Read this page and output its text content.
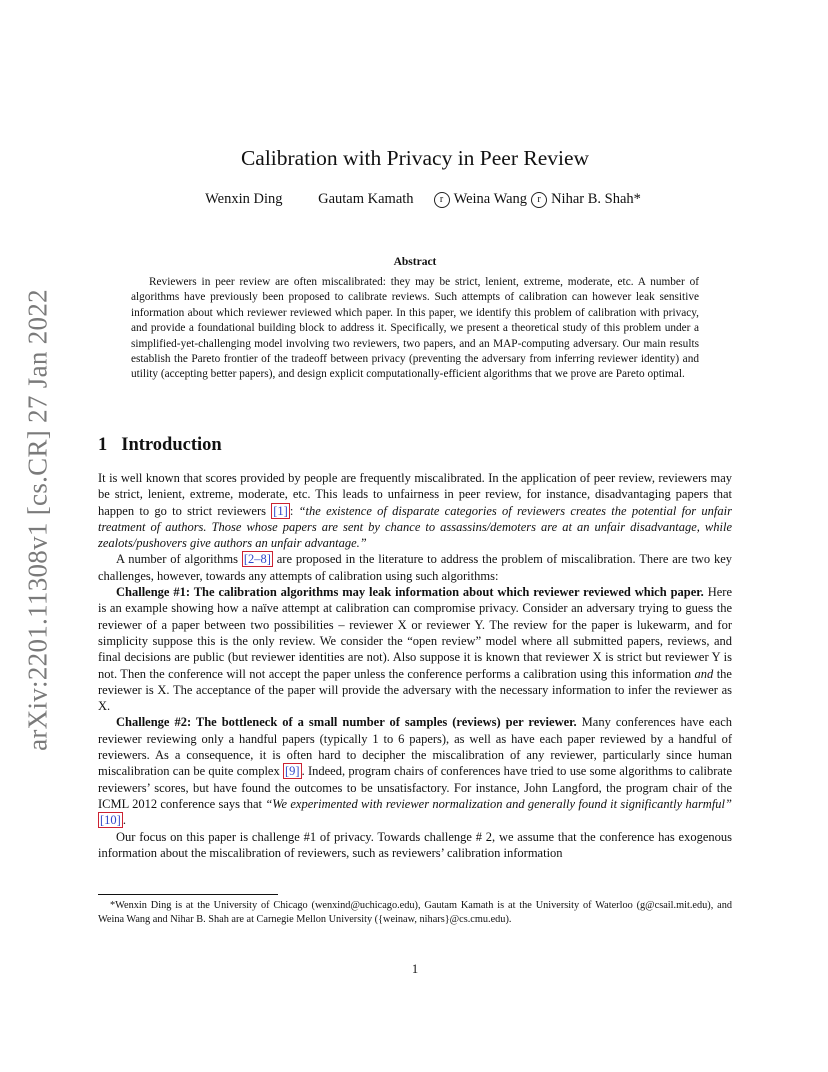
arXiv:2201.11308v1 [cs.CR] 27 Jan 2022
Calibration with Privacy in Peer Review
Wenxin Ding Gautam Kamath	r Weina Wang r Nihar B. Shah*
Abstract

Reviewers in peer review are often miscalibrated: they may be strict, lenient, extreme, moderate, etc. A number of algorithms have previously been proposed to calibrate reviews. Such attempts of calibration can however leak sensitive information about which reviewer reviewed which paper. In this paper, we identify this problem of calibration with privacy, and provide a foundational building block to address it. Specifically, we present a theoretical study of this problem under a simplified-yet-challenging model involving two reviewers, two papers, and an MAP-computing adversary. Our main results establish the Pareto frontier of the tradeoff between privacy (preventing the adversary from inferring reviewer identity) and utility (accepting better papers), and design explicit computationally-efficient algorithms that we prove are Pareto optimal.

1 Introduction

It is well known that scores provided by people are frequently miscalibrated. In the application of peer review, reviewers may be strict, lenient, extreme, moderate, etc. This leads to unfairness in peer review, for instance, disadvantaging papers that happen to go to strict reviewers [1] : “the existence of disparate categories of reviewers creates the potential for unfair treatment of authors. Those whose papers are sent by chance to assassins/demoters are at an unfair disadvantage, while zealots/pushovers give authors an unfair advantage.”

A number of algorithms [2–8] are proposed in the literature to address the problem of miscalibration. There are two key challenges, however, towards any attempts of calibration using such algorithms:

Challenge #1: The calibration algorithms may leak information about which reviewer reviewed which paper. Here is an example showing how a naïve attempt at calibration can compromise privacy. Consider an adversary trying to guess the reviewer of a paper between two possibilities – reviewer X or reviewer Y. The review for the paper is lukewarm, and for simplicity suppose this is the only review. We consider the “open review” model where all submitted papers, reviews, and final decisions are public (but reviewer identities are not). Also suppose it is known that reviewer X is strict but reviewer Y is not. Then the conference will not accept the paper unless the conference performs a calibration using this information and the reviewer is X. The acceptance of the paper will provide the adversary with the necessary information to infer the reviewer as X.

Challenge #2: The bottleneck of a small number of samples (reviews) per reviewer. Many conferences have each reviewer reviewing only a handful papers (typically 1 to 6 papers), as well as have each paper reviewed by a handful of reviewers. As a consequence, it is often hard to decipher the miscalibration of any reviewer, particularly since human miscalibration can be quite complex [9] . Indeed, program chairs of conferences have tried to use some algorithms to calibrate reviewers’ scores, but have found the outcomes to be unsatisfactory. For instance, John Langford, the program chair of the ICML 2012 conference says that “We experimented with reviewer normalization and generally found it significantly harmful” [10] .

Our focus on this paper is challenge #1 of privacy. Towards challenge # 2, we assume that the conference has exogenous information about the miscalibration of reviewers, such as reviewers’ calibration information

*Wenxin Ding is at the University of Chicago (wenxind@uchicago.edu), Gautam Kamath is at the University of Waterloo (g@csail.mit.edu), and Weina Wang and Nihar B. Shah are at Carnegie Mellon University ({weinaw, nihars}@cs.cmu.edu).

1
